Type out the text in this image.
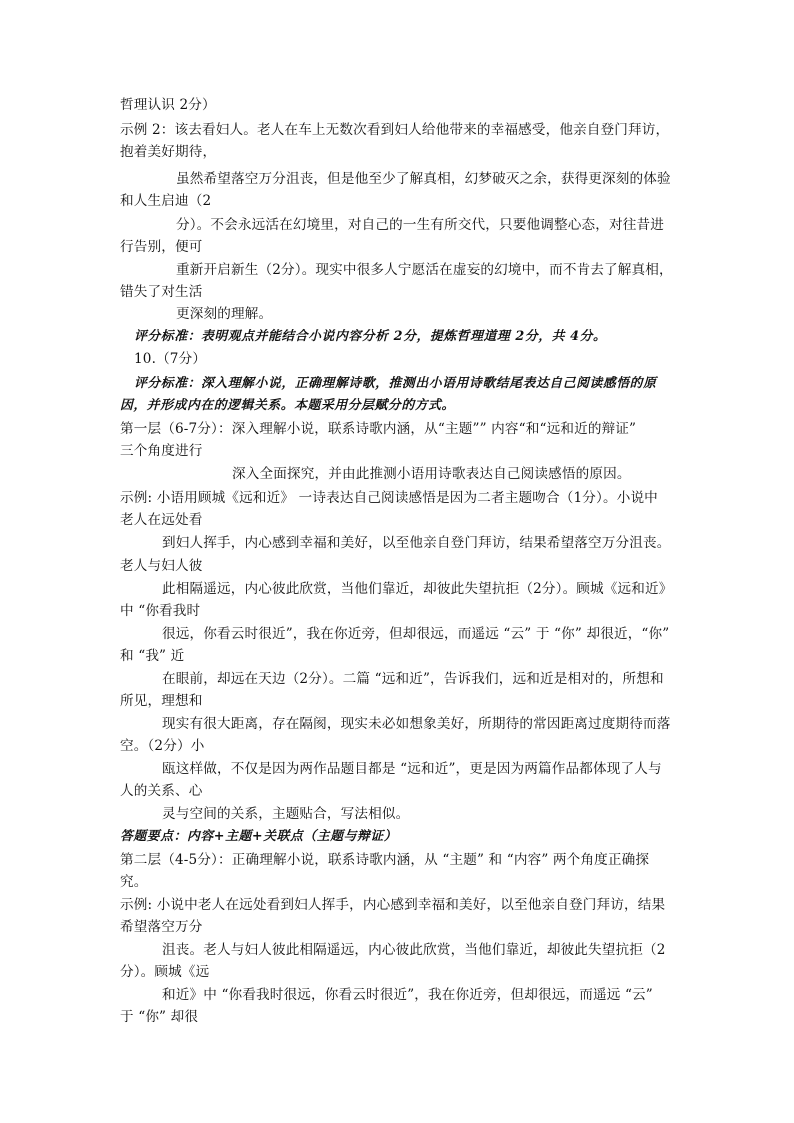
哲理认识 2分）
示例 2：该去看妇人。老人在车上无数次看到妇人给他带来的幸福感受，他亲自登门拜访，
抱着美好期待，
虽然希望落空万分沮丧，但是他至少了解真相，幻梦破灭之余，获得更深刻的体验
和人生启迪（2
分）。不会永远活在幻境里，对自己的一生有所交代，只要他调整心态，对往昔进
行告别，便可
重新开启新生（2分）。现实中很多人宁愿活在虚妄的幻境中，而不肯去了解真相，
错失了对生活
更深刻的理解。
评分标准：表明观点并能结合小说内容分析 2分，提炼哲理道理 2分，共 4分。
10.（7分）
评分标准：深入理解小说，正确理解诗歌，推测出小语用诗歌结尾表达自己阅读感悟的原
因，并形成内在的逻辑关系。本题采用分层赋分的方式。
第一层（6-7分）：深入理解小说，联系诗歌内涵，从“主题”” 内容“和“远和近的辩证”
三个角度进行
深入全面探究，并由此推测小语用诗歌表达自己阅读感悟的原因。
示例: 小语用顾城《远和近》 一诗表达自己阅读感悟是因为二者主题吻合（1分）。小说中
老人在远处看
到妇人挥手，内心感到幸福和美好，以至他亲自登门拜访，结果希望落空万分沮丧。
老人与妇人彼
此相隔遥远，内心彼此欣赏，当他们靠近，却彼此失望抗拒（2分）。顾城《远和近》
中 “你看我时
很远，你看云时很近”，我在你近旁，但却很远，而遥远 “云” 于 “你” 却很近，“你”
和 “我” 近
在眼前，却远在天边（2分）。二篇 “远和近”，告诉我们，远和近是相对的，所想和
所见，理想和
现实有很大距离，存在隔阂，现实未必如想象美好，所期待的常因距离过度期待而落
空。（2分）小
瓯这样做，不仅是因为两作品题目都是 “远和近”，更是因为两篇作品都体现了人与
人的关系、心
灵与空间的关系，主题贴合，写法相似。
答题要点：内容+主题+关联点（主题与辩证）
第二层（4-5分）：正确理解小说，联系诗歌内涵，从 “主题” 和 “内容” 两个角度正确探
究。
示例: 小说中老人在远处看到妇人挥手，内心感到幸福和美好，以至他亲自登门拜访，结果
希望落空万分
沮丧。老人与妇人彼此相隔遥远，内心彼此欣赏，当他们靠近，却彼此失望抗拒（2
分）。顾城《远
和近》中 “你看我时很远，你看云时很近”，我在你近旁，但却很远，而遥远 “云”
于 “你” 却很
